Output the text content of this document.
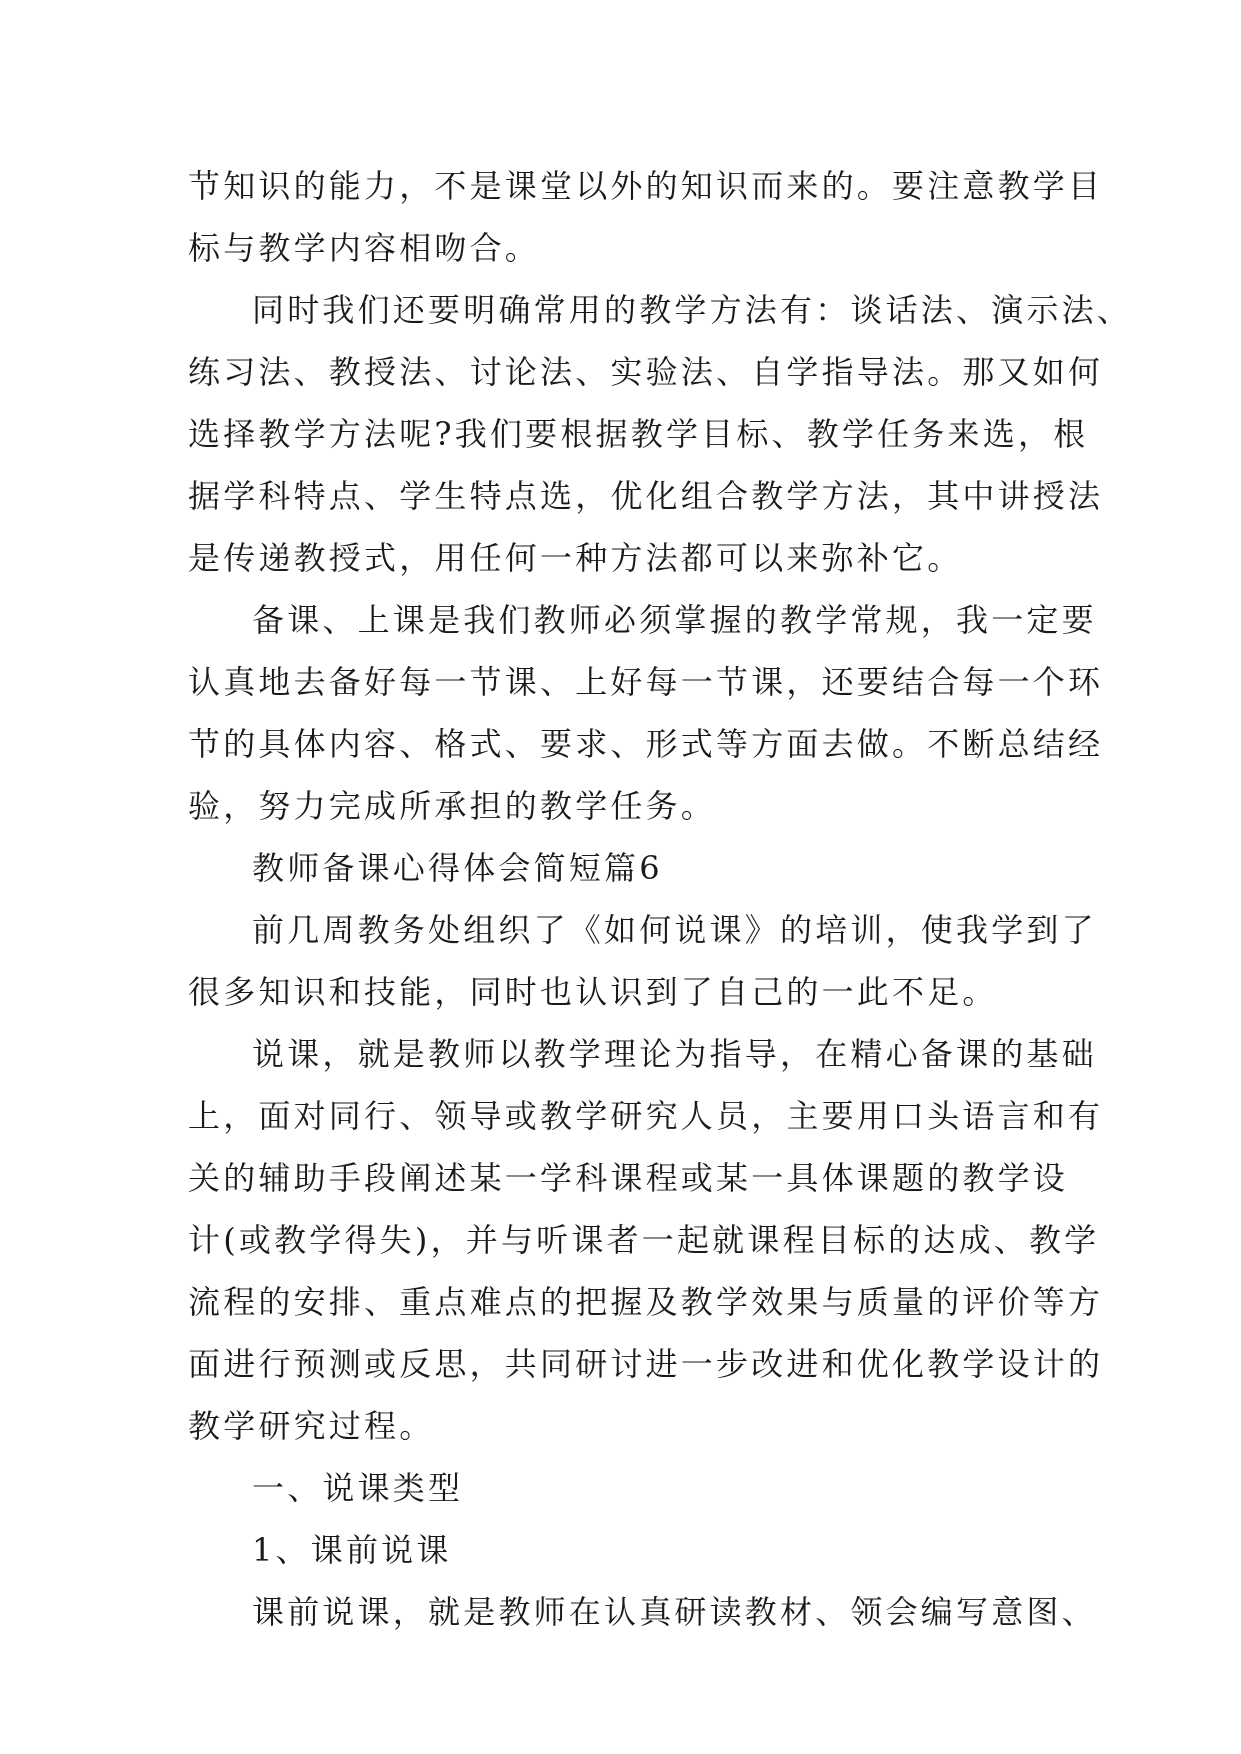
节知识的能力，不是课堂以外的知识而来的。要注意教学目
标与教学内容相吻合。
同时我们还要明确常用的教学方法有：谈话法、演示法、
练习法、教授法、讨论法、实验法、自学指导法。那又如何
选择教学方法呢?我们要根据教学目标、教学任务来选，根
据学科特点、学生特点选，优化组合教学方法，其中讲授法
是传递教授式，用任何一种方法都可以来弥补它。
备课、上课是我们教师必须掌握的教学常规，我一定要
认真地去备好每一节课、上好每一节课，还要结合每一个环
节的具体内容、格式、要求、形式等方面去做。不断总结经
验，努力完成所承担的教学任务。
教师备课心得体会简短篇6
前几周教务处组织了《如何说课》的培训，使我学到了
很多知识和技能，同时也认识到了自己的一此不足。
说课，就是教师以教学理论为指导，在精心备课的基础
上，面对同行、领导或教学研究人员，主要用口头语言和有
关的辅助手段阐述某一学科课程或某一具体课题的教学设
计(或教学得失)，并与听课者一起就课程目标的达成、教学
流程的安排、重点难点的把握及教学效果与质量的评价等方
面进行预测或反思，共同研讨进一步改进和优化教学设计的
教学研究过程。
一、说课类型
1、课前说课
课前说课，就是教师在认真研读教材、领会编写意图、
